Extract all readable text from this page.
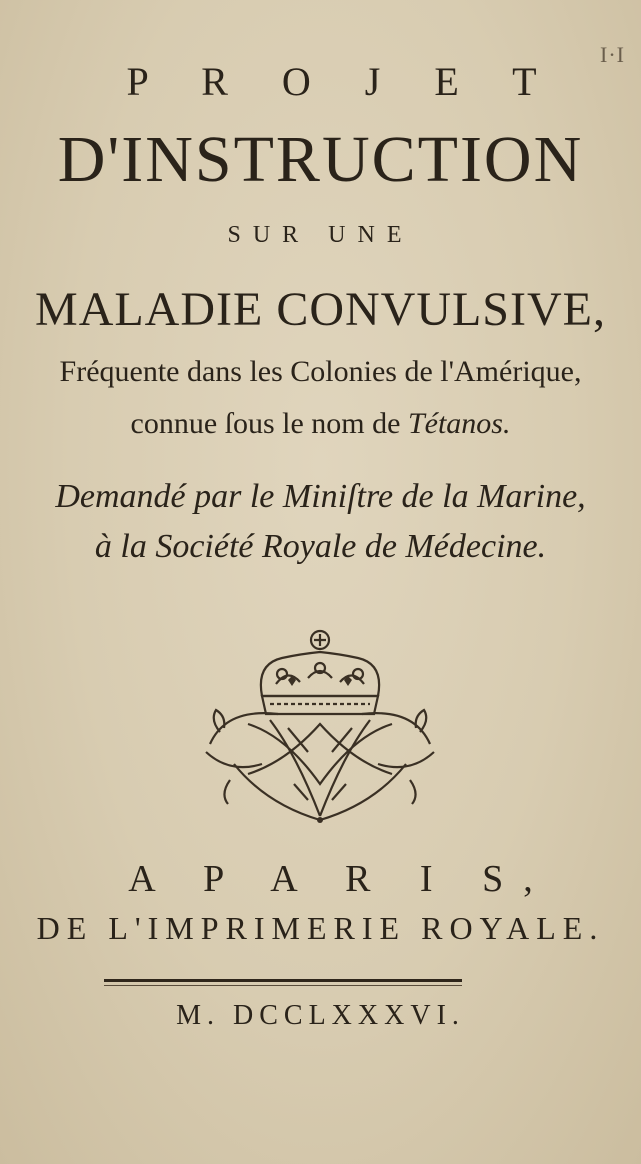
I·I
P R O J E T
D'INSTRUCTION
SUR UNE
MALADIE CONVULSIVE,
Fréquente dans les Colonies de l'Amérique,
connue ſous le nom de Tétanos.
Demandé par le Miniſtre de la Marine,
à la Société Royale de Médecine.
A P A R I S,
DE L'IMPRIMERIE ROYALE.
M. DCCLXXXVI.
